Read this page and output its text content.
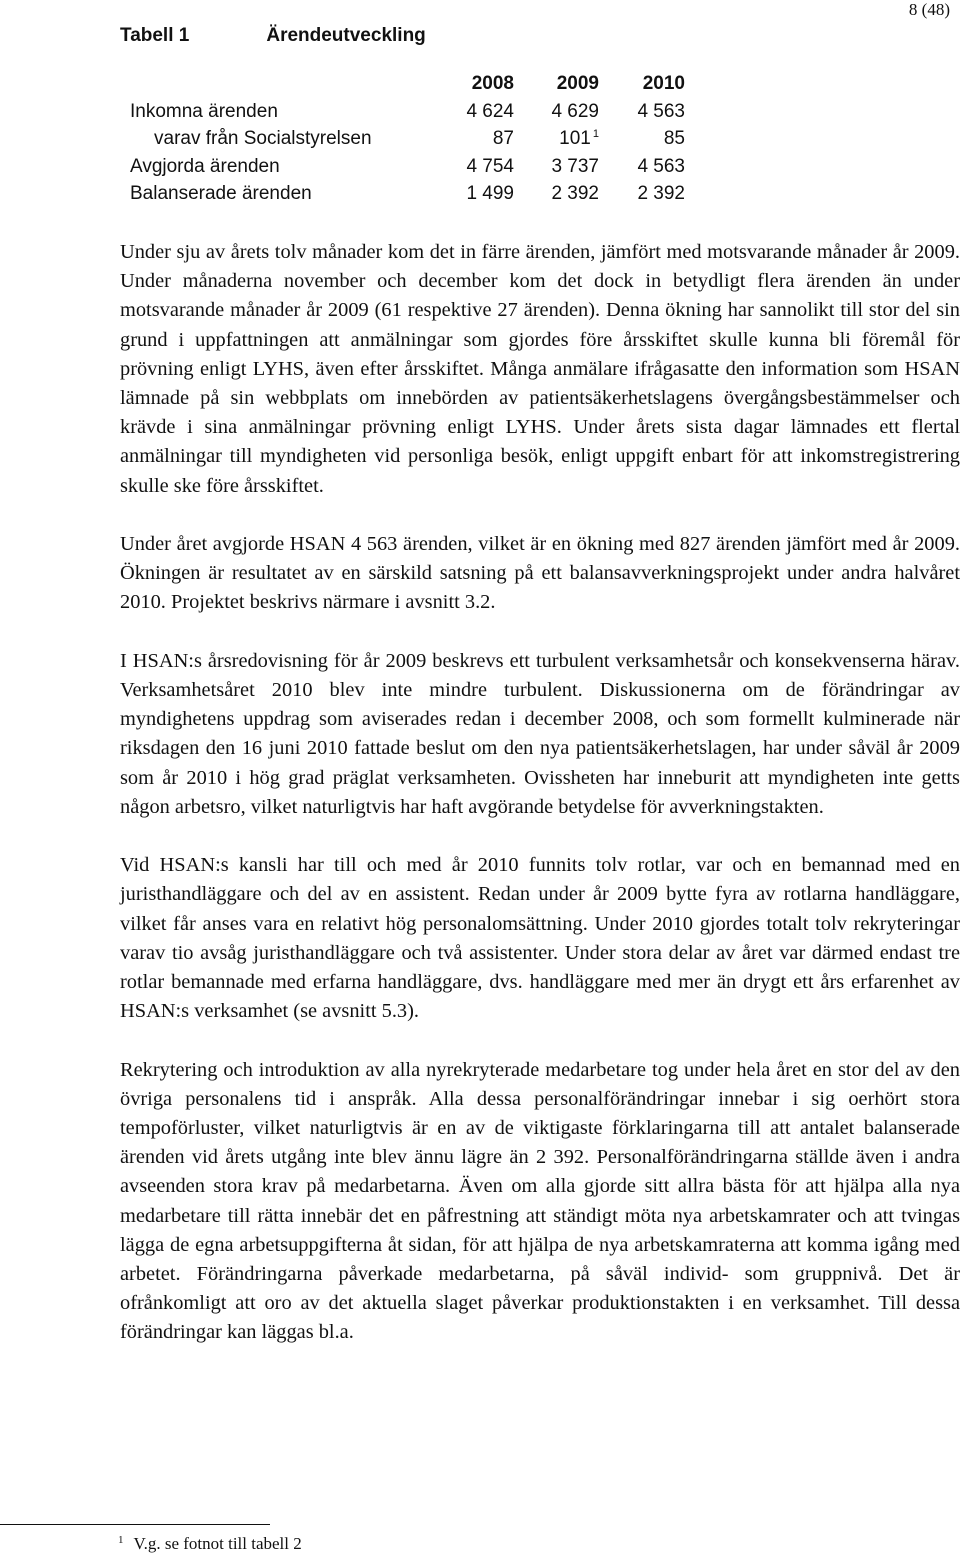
8 (48)
Tabell 1	Ärendeutveckling
	2008	2009	2010
Inkomna ärenden	4 624	4 629	4 563
varav från Socialstyrelsen	87	101 $^1$	85
Avgjorda ärenden	4 754	3 737	4 563
Balanserade ärenden	1 499	2 392	2 392

Under sju av årets tolv månader kom det in färre ärenden, jämfört med motsvarande månader år 2009. Under månaderna november och december kom det dock in betydligt flera ärenden än under motsvarande månader år 2009 (61 respektive 27 ärenden). Denna ökning har sannolikt till stor del sin grund i uppfattningen att anmälningar som gjordes före årsskiftet skulle kunna bli föremål för prövning enligt LYHS, även efter årsskiftet. Många anmälare ifrågasatte den information som HSAN lämnade på sin webbplats om innebörden av patientsäkerhetslagens övergångsbestämmelser och krävde i sina anmälningar prövning enligt LYHS. Under årets sista dagar lämnades ett flertal anmälningar till myndigheten vid personliga besök, enligt uppgift enbart för att inkomstregistrering skulle ske före årsskiftet.

Under året avgjorde HSAN 4 563 ärenden, vilket är en ökning med 827 ärenden jämfört med år 2009. Ökningen är resultatet av en särskild satsning på ett balansavverkningsprojekt under andra halvåret 2010. Projektet beskrivs närmare i avsnitt 3.2.

I HSAN:s årsredovisning för år 2009 beskrevs ett turbulent verksamhetsår och konsekvenserna härav. Verksamhetsåret 2010 blev inte mindre turbulent. Diskussionerna om de förändringar av myndighetens uppdrag som aviserades redan i december 2008, och som formellt kulminerade när riksdagen den 16 juni 2010 fattade beslut om den nya patientsäkerhetslagen, har under såväl år 2009 som år 2010 i hög grad präglat verksamheten. Ovissheten har inneburit att myndigheten inte getts någon arbetsro, vilket naturligtvis har haft avgörande betydelse för avverkningstakten.

Vid HSAN:s kansli har till och med år 2010 funnits tolv rotlar, var och en bemannad med en juristhandläggare och del av en assistent. Redan under år 2009 bytte fyra av rotlarna handläggare, vilket får anses vara en relativt hög personalomsättning. Under 2010 gjordes totalt tolv rekryteringar varav tio avsåg juristhandläggare och två assistenter. Under stora delar av året var därmed endast tre rotlar bemannade med erfarna handläggare, dvs. handläggare med mer än drygt ett års erfarenhet av HSAN:s verksamhet (se avsnitt 5.3).

Rekrytering och introduktion av alla nyrekryterade medarbetare tog under hela året en stor del av den övriga personalens tid i anspråk. Alla dessa personalförändringar innebar i sig oerhört stora tempoförluster, vilket naturligtvis är en av de viktigaste förklaringarna till att antalet balanserade ärenden vid årets utgång inte blev ännu lägre än 2 392. Personalförändringarna ställde även i andra avseenden stora krav på medarbetarna. Även om alla gjorde sitt allra bästa för att hjälpa alla nya medarbetare till rätta innebär det en påfrestning att ständigt möta nya arbetskamrater och att tvingas lägga de egna arbetsuppgifterna åt sidan, för att hjälpa de nya arbetskamraterna att komma igång med arbetet. Förändringarna påverkade medarbetarna, på såväl individ- som gruppnivå. Det är ofrånkomligt att oro av det aktuella slaget påverkar produktionstakten i en verksamhet. Till dessa förändringar kan läggas bl.a.

$^1$ V.g. se fotnot till tabell 2
